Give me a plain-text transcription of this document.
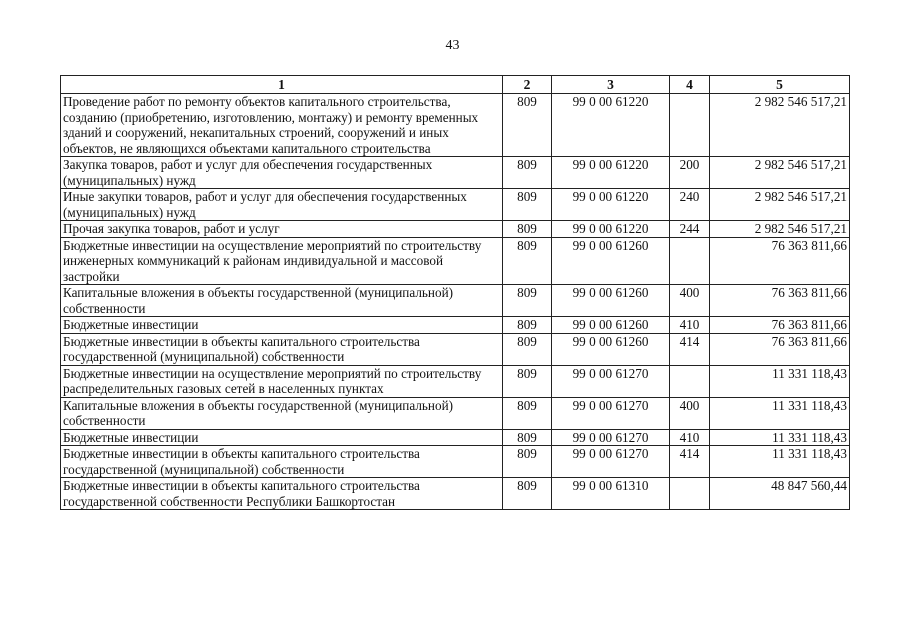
43
1	2	3	4	5
Проведение работ по ремонту объектов капитального строительства, созданию (приобретению, изготовлению, монтажу) и ремонту временных зданий и сооружений, некапитальных строений, сооружений и иных объектов, не являющихся объектами капитального строительства	809	99 0 00 61220		2 982 546 517,21
Закупка товаров, работ и услуг для обеспечения государственных (муниципальных) нужд	809	99 0 00 61220	200	2 982 546 517,21
Иные закупки товаров, работ и услуг для обеспечения государственных (муниципальных) нужд	809	99 0 00 61220	240	2 982 546 517,21
Прочая закупка товаров, работ и услуг	809	99 0 00 61220	244	2 982 546 517,21
Бюджетные инвестиции на осуществление мероприятий по строительству инженерных коммуникаций к районам индивидуальной и массовой застройки	809	99 0 00 61260		76 363 811,66
Капитальные вложения в объекты государственной (муниципальной) собственности	809	99 0 00 61260	400	76 363 811,66
Бюджетные инвестиции	809	99 0 00 61260	410	76 363 811,66
Бюджетные инвестиции в объекты капитального строительства государственной (муниципальной) собственности	809	99 0 00 61260	414	76 363 811,66
Бюджетные инвестиции на осуществление мероприятий по строительству распределительных газовых сетей в населенных пунктах	809	99 0 00 61270		11 331 118,43
Капитальные вложения в объекты государственной (муниципальной) собственности	809	99 0 00 61270	400	11 331 118,43
Бюджетные инвестиции	809	99 0 00 61270	410	11 331 118,43
Бюджетные инвестиции в объекты капитального строительства государственной (муниципальной) собственности	809	99 0 00 61270	414	11 331 118,43
Бюджетные инвестиции в объекты капитального строительства государственной собственности Республики Башкортостан	809	99 0 00 61310		48 847 560,44
